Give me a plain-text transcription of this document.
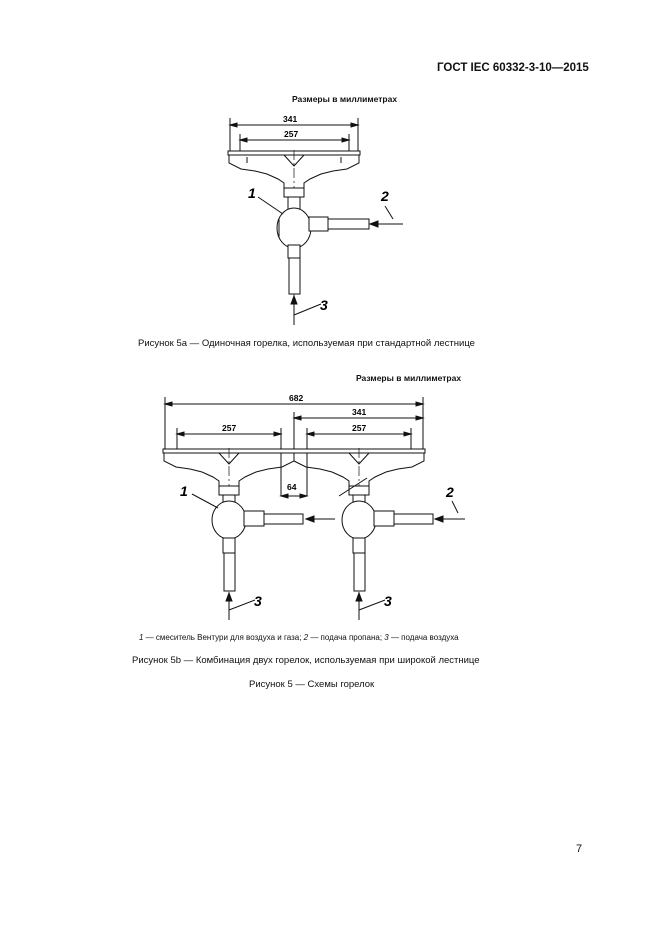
ГОСТ IEC 60332-3-10—2015
Размеры в миллиметрах
341
257
1	2
3
Рисунок 5а — Одиночная горелка, используемая при стандартной лестнице
Размеры в миллиметрах
682
341
257	257
64
1	2
3	3
1 — смеситель Вентури для воздуха и газа; 2 — подача пропана; 3 — подача воздуха
Рисунок 5b — Комбинация двух горелок, используемая при широкой лестнице
Рисунок 5 — Схемы горелок
7
